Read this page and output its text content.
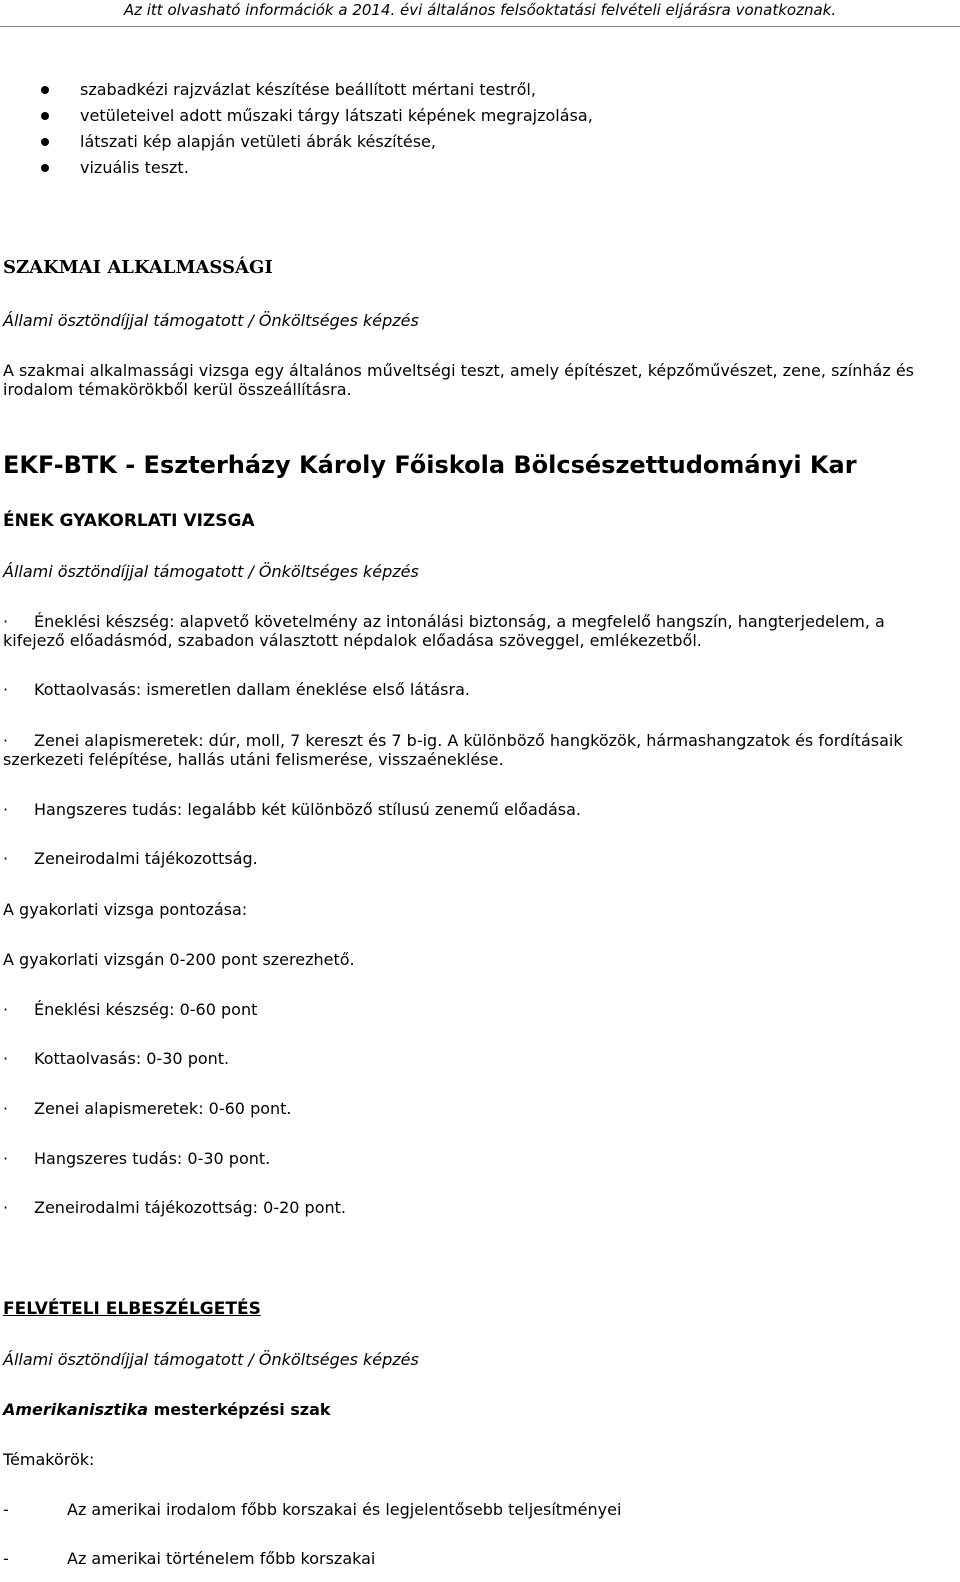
Az itt olvasható információk a 2014. évi általános felsőoktatási felvételi eljárásra vonatkoznak.
szabadkézi rajzvázlat készítése beállított mértani testről,
vetületeivel adott műszaki tárgy látszati képének megrajzolása,
látszati kép alapján vetületi ábrák készítése,
vizuális teszt.
SZAKMAI ALKALMASSÁGI
Állami ösztöndíjjal támogatott / Önköltséges képzés
A szakmai alkalmassági vizsga egy általános műveltségi teszt, amely építészet, képzőművészet, zene, színház és
irodalom témakörökből kerül összeállításra.
EKF-BTK - Eszterházy Károly Főiskola Bölcsészettudományi Kar
ÉNEK GYAKORLATI VIZSGA
Állami ösztöndíjjal támogatott / Önköltséges képzés
· Éneklési készség: alapvető követelmény az intonálási biztonság, a megfelelő hangszín, hangterjedelem, a
kifejező előadásmód, szabadon választott népdalok előadása szöveggel, emlékezetből.
· Kottaolvasás: ismeretlen dallam éneklése első látásra.
· Zenei alapismeretek: dúr, moll, 7 kereszt és 7 b-ig. A különböző hangközök, hármashangzatok és fordításaik
szerkezeti felépítése, hallás utáni felismerése, visszaéneklése.
· Hangszeres tudás: legalább két különböző stílusú zenemű előadása.
· Zeneirodalmi tájékozottság.
A gyakorlati vizsga pontozása:
A gyakorlati vizsgán 0-200 pont szerezhető.
· Éneklési készség: 0-60 pont
· Kottaolvasás: 0-30 pont.
· Zenei alapismeretek: 0-60 pont.
· Hangszeres tudás: 0-30 pont.
· Zeneirodalmi tájékozottság: 0-20 pont.
FELVÉTELI ELBESZÉLGETÉS
Állami ösztöndíjjal támogatott / Önköltséges képzés
Amerikanisztika mesterképzési szak
Témakörök:
-	Az amerikai irodalom főbb korszakai és legjelentősebb teljesítményei
-	Az amerikai történelem főbb korszakai
